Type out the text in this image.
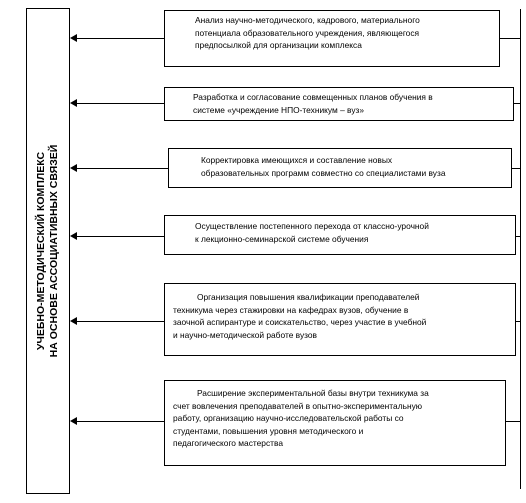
УЧЕБНО-МЕТОДИЧЕСКИЙ КОМПЛЕКС НА ОСНОВЕ АССОЦИАТИВНЫХ СВЯЗЕЙ
Анализ научно-методического, кадрового, материального
потенциала образовательного учреждения, являющегося
предпосылкой для организации комплекса
Разработка и согласование совмещенных планов обучения в
системе «учреждение НПО-техникум – вуз»
Корректировка имеющихся и составление новых
образовательных программ совместно со специалистами вуза
Осуществление постепенного перехода от классно-урочной
к лекционно-семинарской системе обучения
Организация повышения квалификации преподавателей
техникума через стажировки на кафедрах вузов, обучение в
заочной аспирантуре и соискательство, через участие в учебной
и научно-методической работе вузов
Расширение экспериментальной базы внутри техникума за
счет вовлечения преподавателей в опытно-экспериментальную
работу, организацию научно-исследовательской работы со
студентами, повышения уровня методического и
педагогического мастерства
